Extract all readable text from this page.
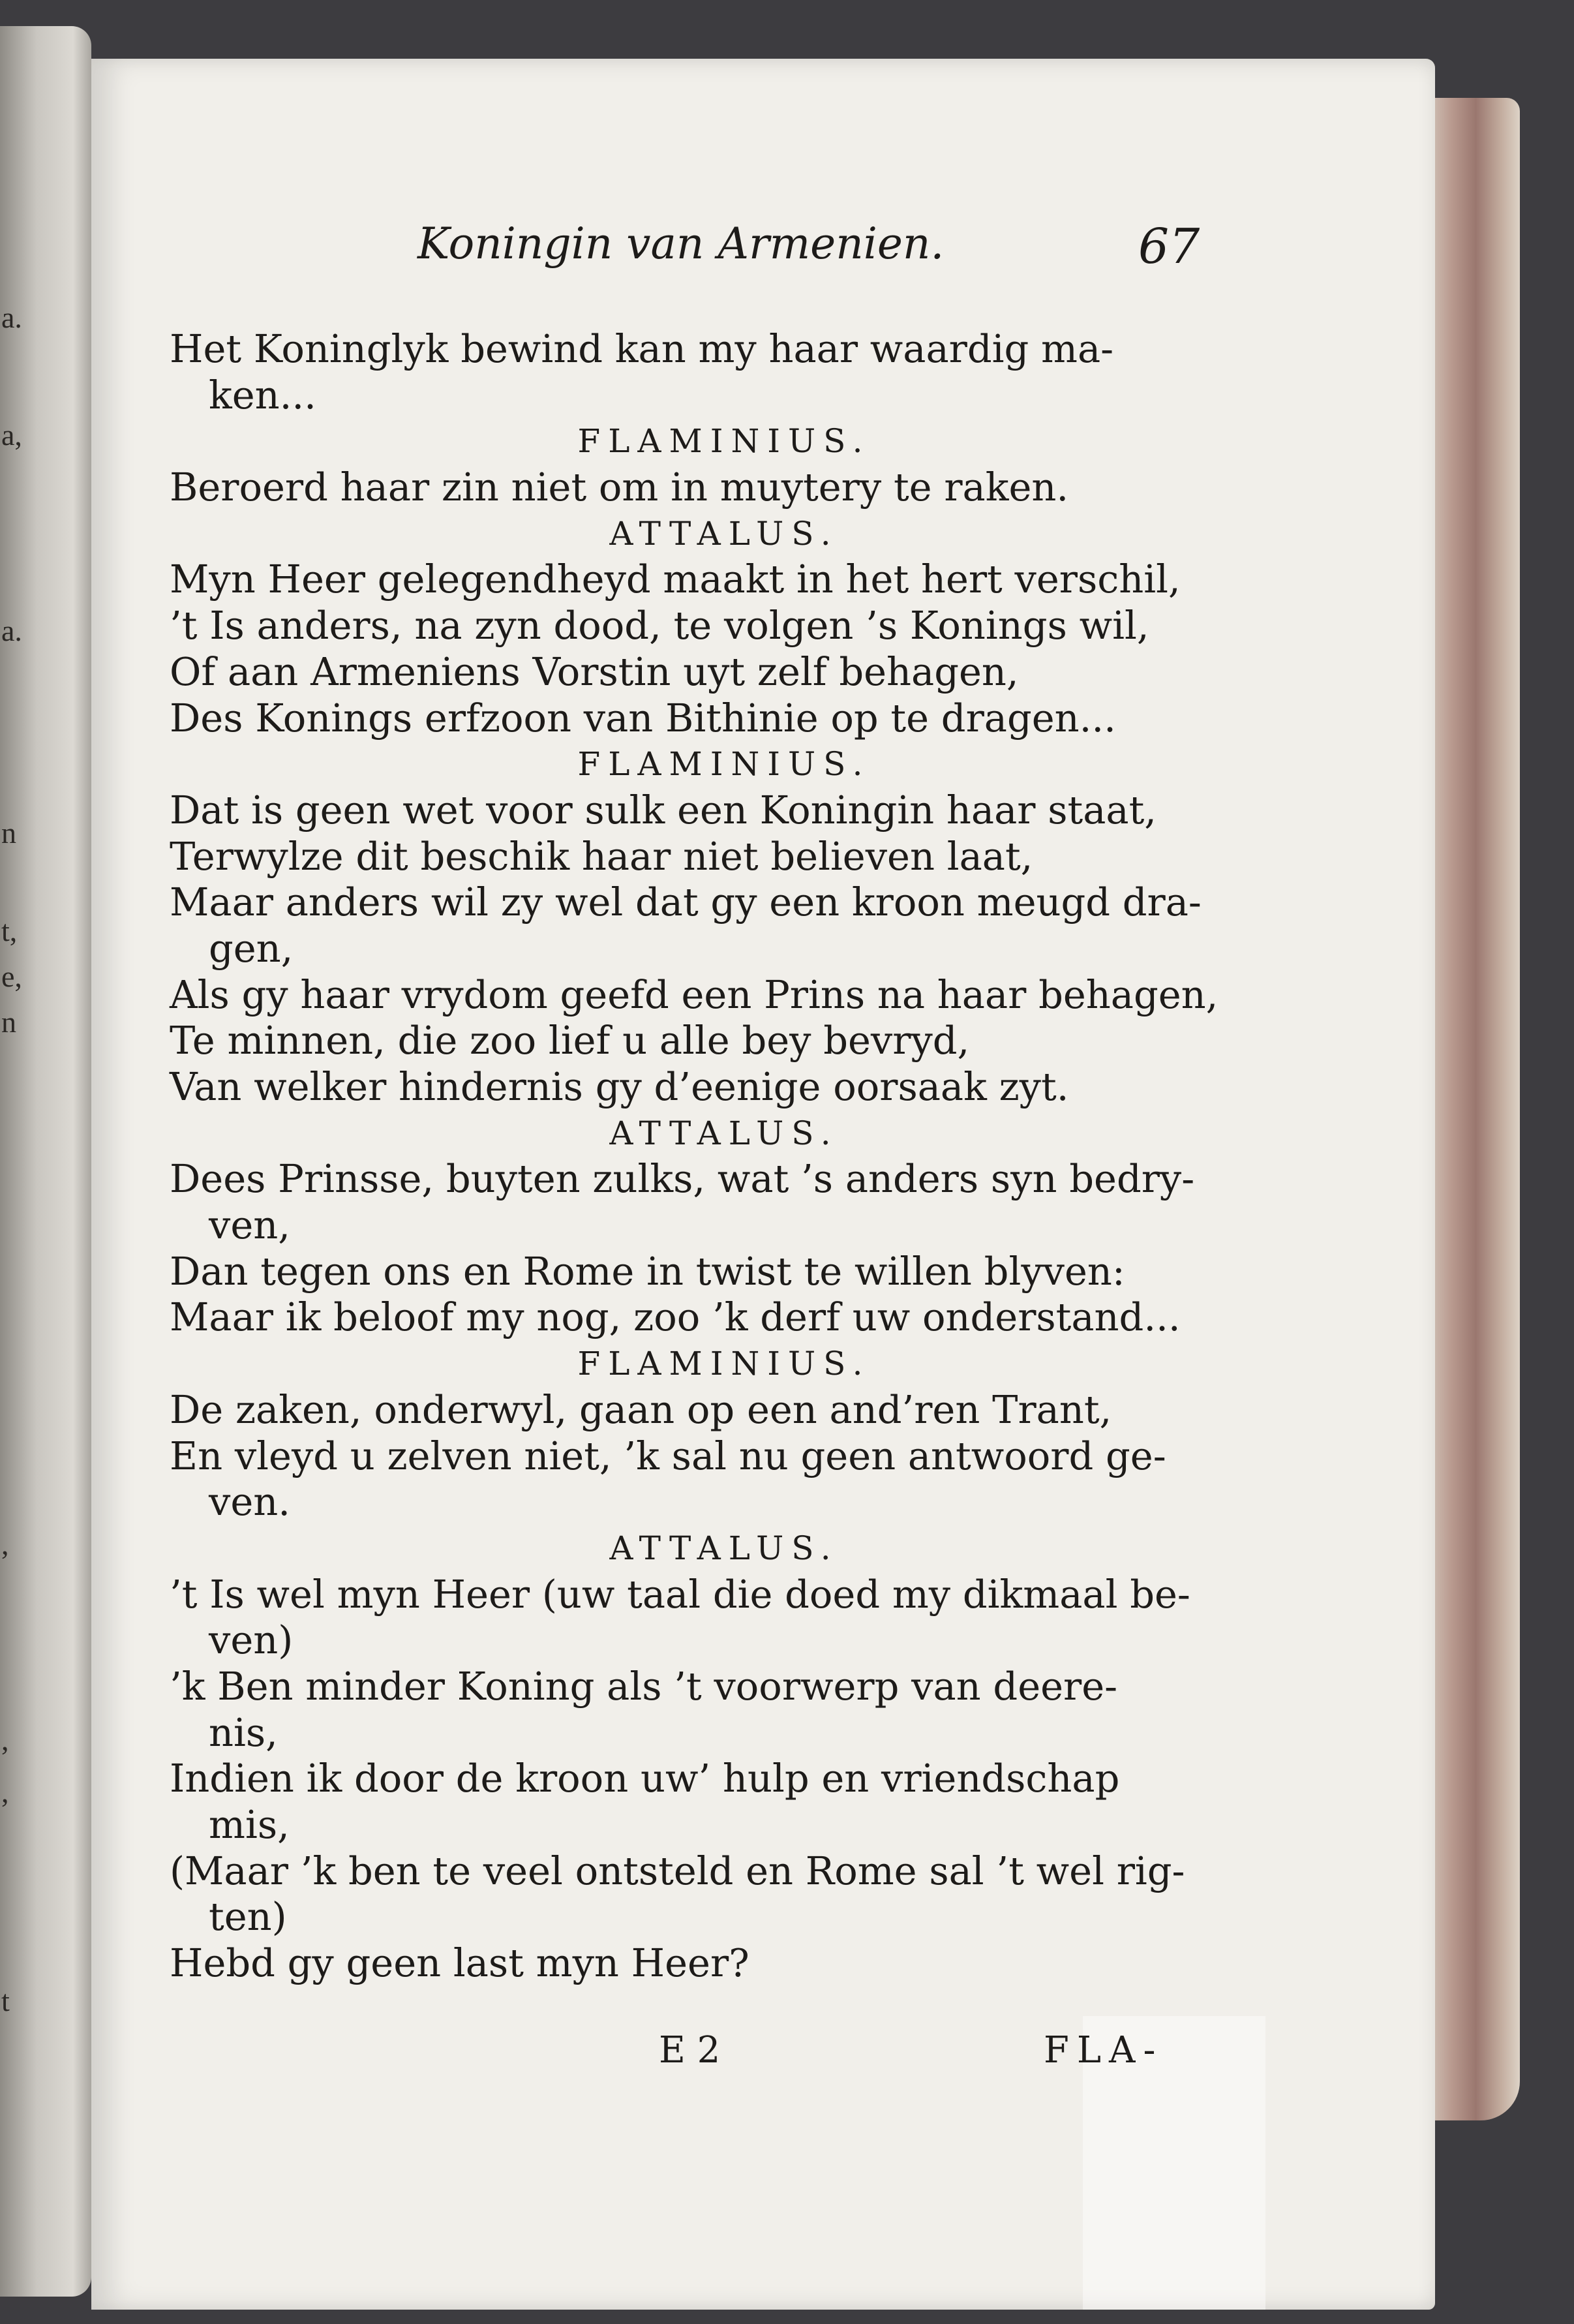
a.
a,
a.
n
t,
e,
n
,
,
,
t
Koningin van Armenien.	67
Het Koninglyk bewind kan my haar waardig ma-
ken...
FLAMINIUS.
Beroerd haar zin niet om in muytery te raken.
ATTALUS.
Myn Heer gelegendheyd maakt in het hert verschil,
’t Is anders, na zyn dood, te volgen ’s Konings wil,
Of aan Armeniens Vorstin uyt zelf behagen,
Des Konings erfzoon van Bithinie op te dragen...
FLAMINIUS.
Dat is geen wet voor sulk een Koningin haar staat,
Terwylze dit beschik haar niet believen laat,
Maar anders wil zy wel dat gy een kroon meugd dra-
gen,
Als gy haar vrydom geefd een Prins na haar behagen,
Te minnen, die zoo lief u alle bey bevryd,
Van welker hindernis gy d’eenige oorsaak zyt.
ATTALUS.
Dees Prinsse, buyten zulks, wat ’s anders syn bedry-
ven,
Dan tegen ons en Rome in twist te willen blyven:
Maar ik beloof my nog, zoo ’k derf uw onderstand...
FLAMINIUS.
De zaken, onderwyl, gaan op een and’ren Trant,
En vleyd u zelven niet, ’k sal nu geen antwoord ge-
ven.
ATTALUS.
’t Is wel myn Heer (uw taal die doed my dikmaal be-
ven)
’k Ben minder Koning als ’t voorwerp van deere-
nis,
Indien ik door de kroon uw’ hulp en vriendschap
mis,
(Maar ’k ben te veel ontsteld en Rome sal ’t wel rig-
ten)
Hebd gy geen last myn Heer?
E 2	FLA-
